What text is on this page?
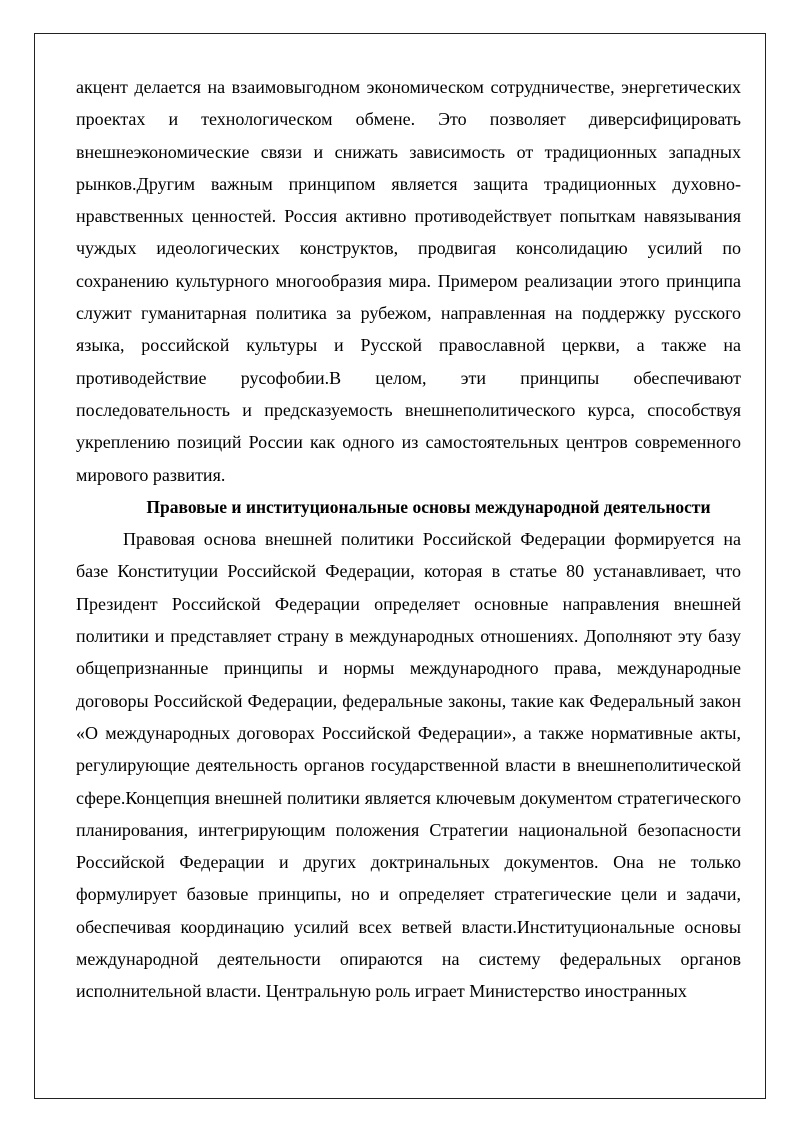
акцент делается на взаимовыгодном экономическом сотрудничестве, энергетических проектах и технологическом обмене. Это позволяет диверсифицировать внешнеэкономические связи и снижать зависимость от традиционных западных рынков.Другим важным принципом является защита традиционных духовно-нравственных ценностей. Россия активно противодействует попыткам навязывания чуждых идеологических конструктов, продвигая консолидацию усилий по сохранению культурного многообразия мира. Примером реализации этого принципа служит гуманитарная политика за рубежом, направленная на поддержку русского языка, российской культуры и Русской православной церкви, а также на противодействие русофобии.В целом, эти принципы обеспечивают последовательность и предсказуемость внешнеполитического курса, способствуя укреплению позиций России как одного из самостоятельных центров современного мирового развития.

Правовые и институциональные основы международной деятельности

Правовая основа внешней политики Российской Федерации формируется на базе Конституции Российской Федерации, которая в статье 80 устанавливает, что Президент Российской Федерации определяет основные направления внешней политики и представляет страну в международных отношениях. Дополняют эту базу общепризнанные принципы и нормы международного права, международные договоры Российской Федерации, федеральные законы, такие как Федеральный закон «О международных договорах Российской Федерации», а также нормативные акты, регулирующие деятельность органов государственной власти в внешнеполитической сфере.Концепция внешней политики является ключевым документом стратегического планирования, интегрирующим положения Стратегии национальной безопасности Российской Федерации и других доктринальных документов. Она не только формулирует базовые принципы, но и определяет стратегические цели и задачи, обеспечивая координацию усилий всех ветвей власти.Институциональные основы международной деятельности опираются на систему федеральных органов исполнительной власти. Центральную роль играет Министерство иностранных
